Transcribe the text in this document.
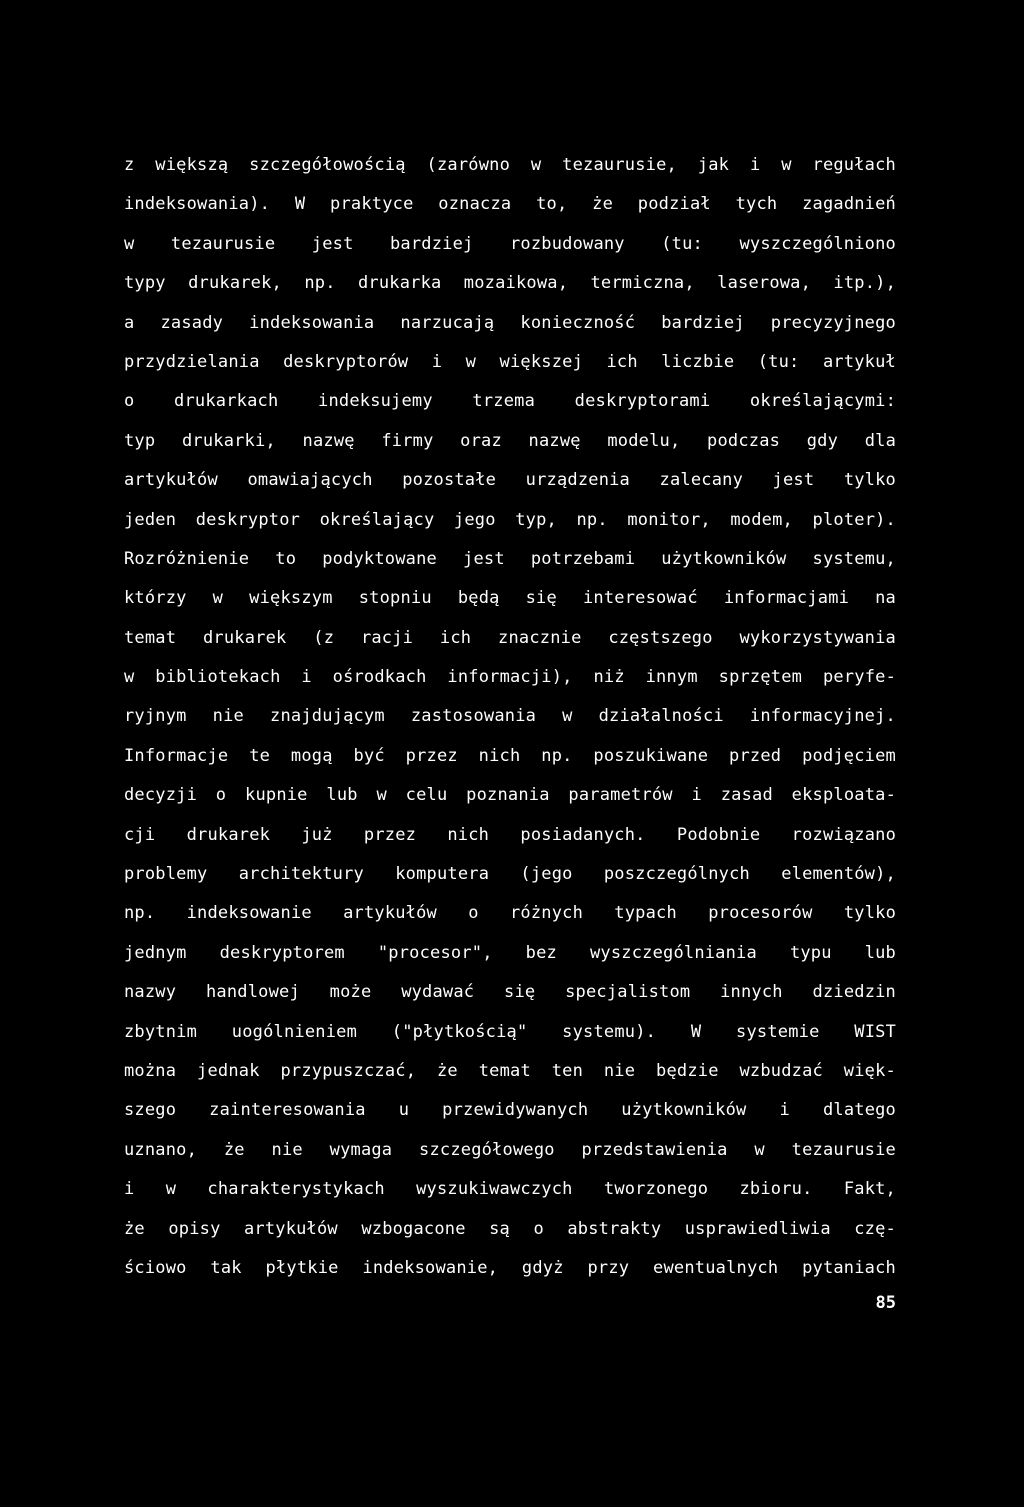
z większą szczegółowością (zarówno w tezaurusie, jak i w regułach
indeksowania). W praktyce oznacza to, że podział tych zagadnień
w tezaurusie jest bardziej rozbudowany (tu: wyszczególniono
typy drukarek, np. drukarka mozaikowa, termiczna, laserowa, itp.),
a zasady indeksowania narzucają konieczność bardziej precyzyjnego
przydzielania deskryptorów i w większej ich liczbie (tu: artykuł
o drukarkach indeksujemy trzema deskryptorami określającymi:
typ drukarki, nazwę firmy oraz nazwę modelu, podczas gdy dla
artykułów omawiających pozostałe urządzenia zalecany jest tylko
jeden deskryptor określający jego typ, np. monitor, modem, ploter).
Rozróżnienie to podyktowane jest potrzebami użytkowników systemu,
którzy w większym stopniu będą się interesować informacjami na
temat drukarek (z racji ich znacznie częstszego wykorzystywania
w bibliotekach i ośrodkach informacji), niż innym sprzętem peryfe-
ryjnym nie znajdującym zastosowania w działalności informacyjnej.
Informacje te mogą być przez nich np. poszukiwane przed podjęciem
decyzji o kupnie lub w celu poznania parametrów i zasad eksploata-
cji drukarek już przez nich posiadanych. Podobnie rozwiązano
problemy architektury komputera (jego poszczególnych elementów),
np. indeksowanie artykułów o różnych typach procesorów tylko
jednym deskryptorem "procesor", bez wyszczególniania typu lub
nazwy handlowej może wydawać się specjalistom innych dziedzin
zbytnim uogólnieniem ("płytkością" systemu). W systemie WIST
można jednak przypuszczać, że temat ten nie będzie wzbudzać więk-
szego zainteresowania u przewidywanych użytkowników i dlatego
uznano, że nie wymaga szczegółowego przedstawienia w tezaurusie
i w charakterystykach wyszukiwawczych tworzonego zbioru. Fakt,
że opisy artykułów wzbogacone są o abstrakty usprawiedliwia czę-
ściowo tak płytkie indeksowanie, gdyż przy ewentualnych pytaniach
85
